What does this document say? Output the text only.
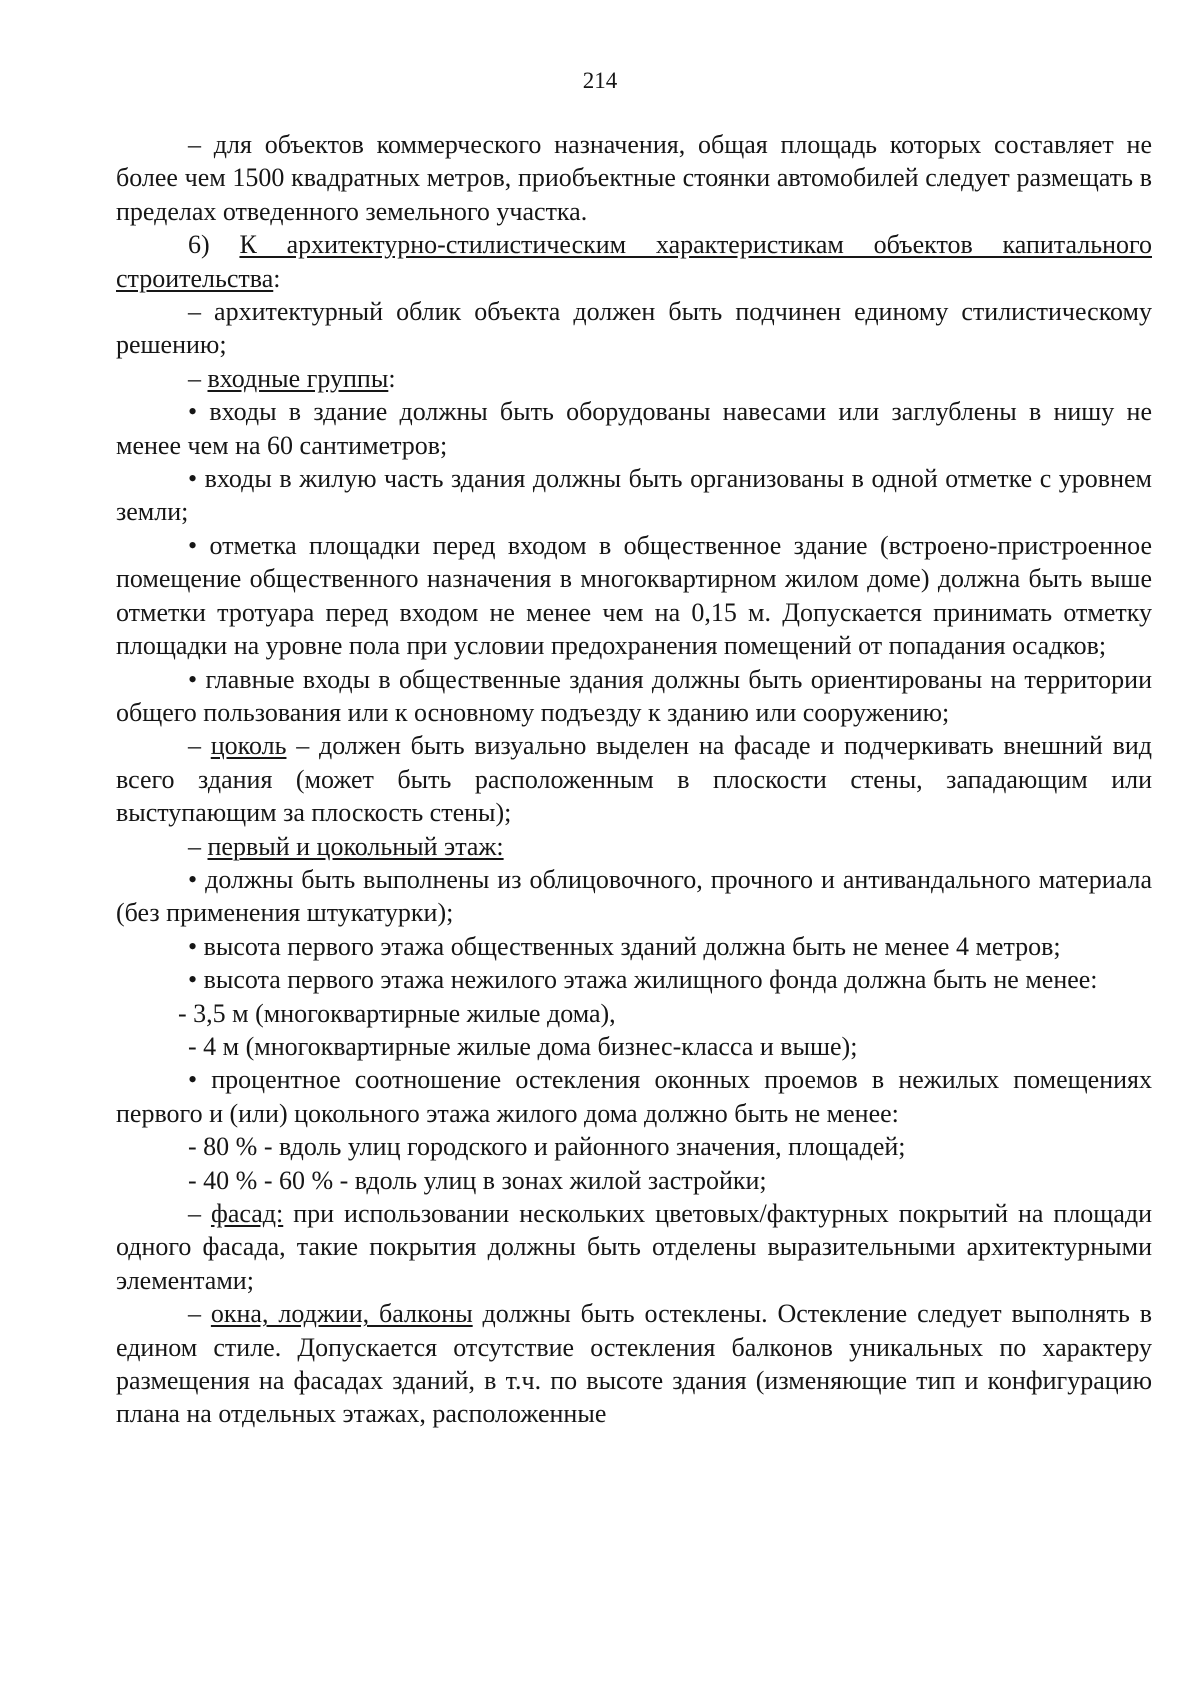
214

– для объектов коммерческого назначения, общая площадь которых составляет не более чем 1500 квадратных метров, приобъектные стоянки автомобилей следует размещать в пределах отведенного земельного участка.

6) К архитектурно-стилистическим характеристикам объектов капитального строительства:

– архитектурный облик объекта должен быть подчинен единому стилистическому решению;

– входные группы:

• входы в здание должны быть оборудованы навесами или заглублены в нишу не менее чем на 60 сантиметров;

• входы в жилую часть здания должны быть организованы в одной отметке с уровнем земли;

• отметка площадки перед входом в общественное здание (встроено-пристроенное помещение общественного назначения в многоквартирном жилом доме) должна быть выше отметки тротуара перед входом не менее чем на 0,15 м. Допускается принимать отметку площадки на уровне пола при условии предохранения помещений от попадания осадков;

• главные входы в общественные здания должны быть ориентированы на территории общего пользования или к основному подъезду к зданию или сооружению;

– цоколь – должен быть визуально выделен на фасаде и подчеркивать внешний вид всего здания (может быть расположенным в плоскости стены, западающим или выступающим за плоскость стены);

– первый и цокольный этаж:

• должны быть выполнены из облицовочного, прочного и антивандального материала (без применения штукатурки);

• высота первого этажа общественных зданий должна быть не менее 4 метров;

• высота первого этажа нежилого этажа жилищного фонда должна быть не менее:

- 3,5 м (многоквартирные жилые дома),

- 4 м (многоквартирные жилые дома бизнес-класса и выше);

• процентное соотношение остекления оконных проемов в нежилых помещениях первого и (или) цокольного этажа жилого дома должно быть не менее:

- 80 % - вдоль улиц городского и районного значения, площадей;

- 40 % - 60 % - вдоль улиц в зонах жилой застройки;

– фасад: при использовании нескольких цветовых/фактурных покрытий на площади одного фасада, такие покрытия должны быть отделены выразительными архитектурными элементами;

– окна, лоджии, балконы должны быть остеклены. Остекление следует выполнять в едином стиле. Допускается отсутствие остекления балконов уникальных по характеру размещения на фасадах зданий, в т.ч. по высоте здания (изменяющие тип и конфигурацию плана на отдельных этажах, расположенные
